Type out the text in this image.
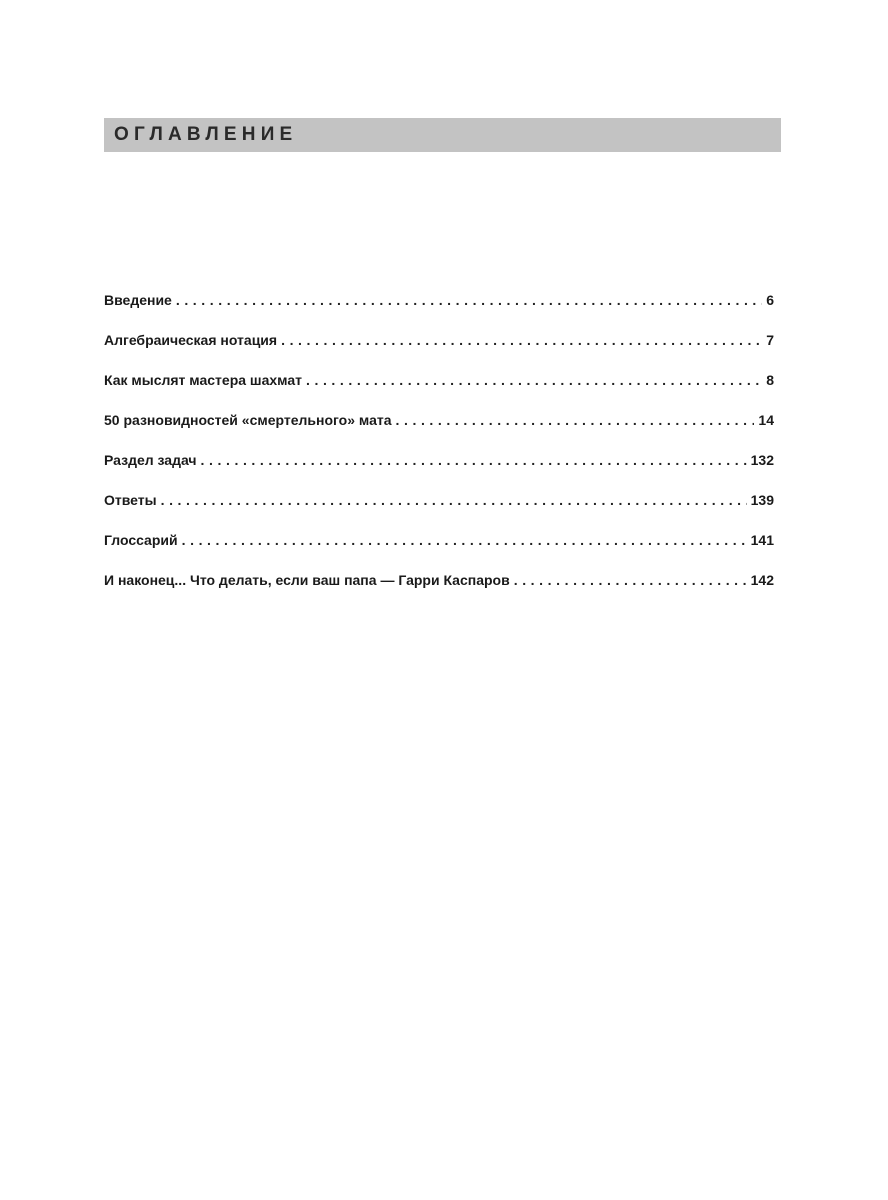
ОГЛАВЛЕНИЕ
Введение . . .	6
Алгебраическая нотация . . .	7
Как мыслят мастера шахмат . . .	8
50 разновидностей «смертельного» мата . . .	14
Раздел задач . . .	132
Ответы . . .	139
Глоссарий . . .	141
И наконец... Что делать, если ваш папа — Гарри Каспаров . . .	142
